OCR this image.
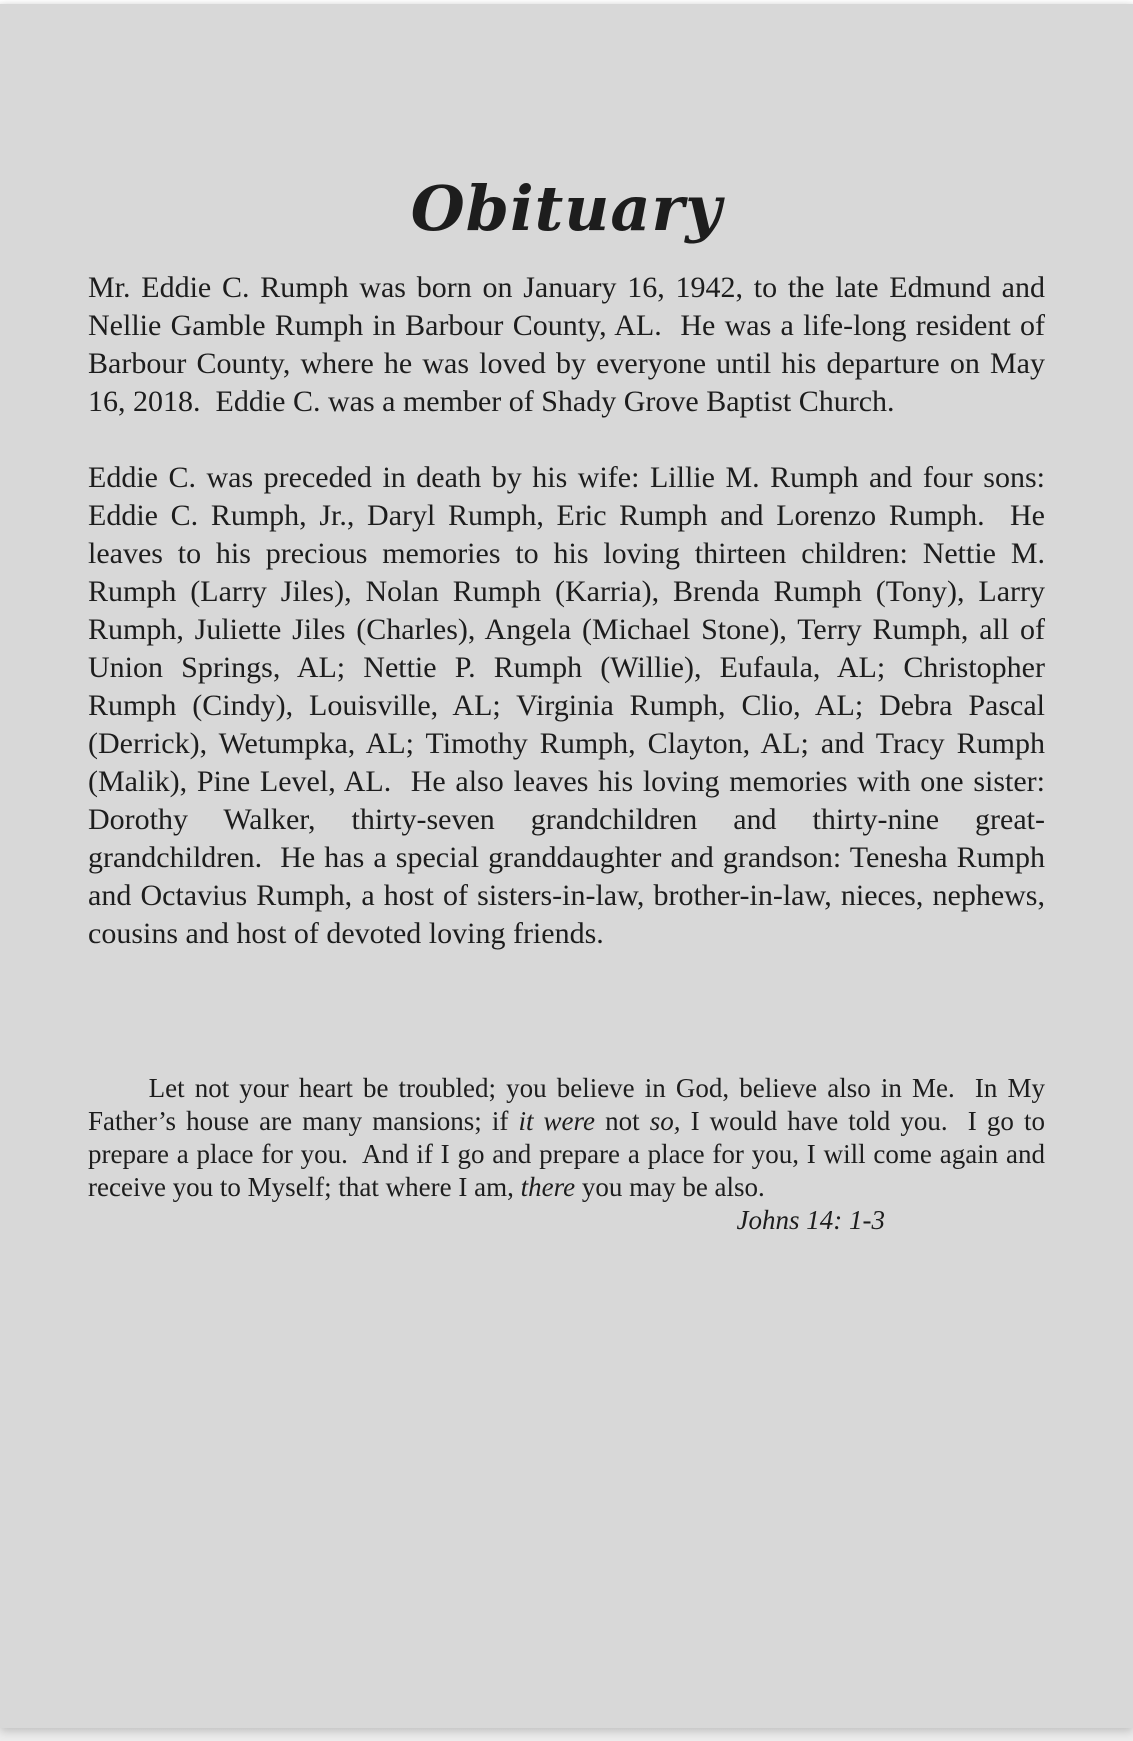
Obituary

Mr. Eddie C. Rumph was born on January 16, 1942, to the late Edmund and Nellie Gamble Rumph in Barbour County, AL.  He was a life-long resident of Barbour County, where he was loved by everyone until his departure on May 16, 2018.  Eddie C. was a member of Shady Grove Baptist Church.

Eddie C. was preceded in death by his wife: Lillie M. Rumph and four sons: Eddie C. Rumph, Jr., Daryl Rumph, Eric Rumph and Lorenzo Rumph.  He leaves to his precious memories to his loving thirteen children: Nettie M. Rumph (Larry Jiles), Nolan Rumph (Karria), Brenda Rumph (Tony), Larry Rumph, Juliette Jiles (Charles), Angela (Michael Stone), Terry Rumph, all of Union Springs, AL; Nettie P. Rumph (Willie), Eufaula, AL; Christopher Rumph (Cindy), Louisville, AL; Virginia Rumph, Clio, AL; Debra Pascal (Derrick), Wetumpka, AL; Timothy Rumph, Clayton, AL; and Tracy Rumph (Malik), Pine Level, AL.  He also leaves his loving memories with one sister: Dorothy Walker, thirty-seven grandchildren and thirty-nine great-grandchildren.  He has a special granddaughter and grandson: Tenesha Rumph and Octavius Rumph, a host of sisters-in-law, brother-in-law, nieces, nephews, cousins and host of devoted loving friends.

Let not your heart be troubled; you believe in God, believe also in Me.  In My Father’s house are many mansions; if it were not so, I would have told you.  I go to prepare a place for you.  And if I go and prepare a place for you, I will come again and receive you to Myself; that where I am, there you may be also.

Johns 14: 1-3
